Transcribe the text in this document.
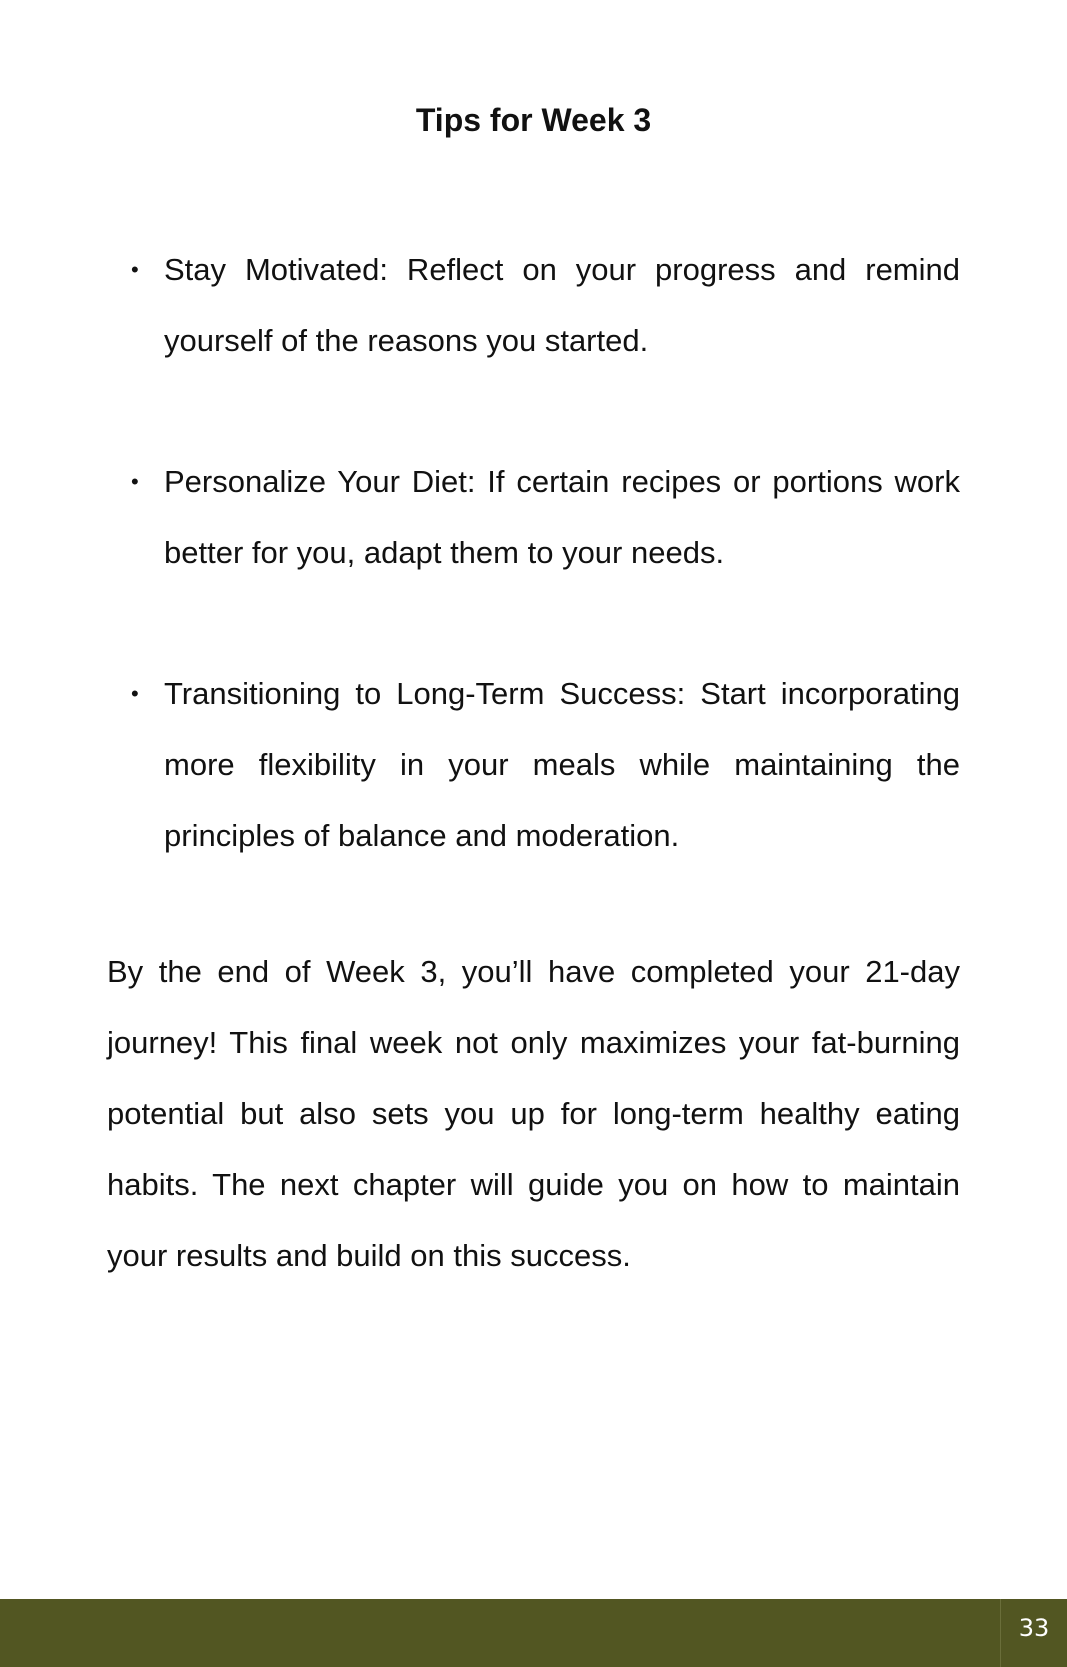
Tips for Week 3
• Stay Motivated: Reflect on your progress and remind yourself of the reasons you started.
• Personalize Your Diet: If certain recipes or portions work better for you, adapt them to your needs.
• Transitioning to Long-Term Success: Start incorporating more flexibility in your meals while maintaining the principles of balance and moderation.

By the end of Week 3, you’ll have completed your 21-day journey! This final week not only maximizes your fat-burning potential but also sets you up for long-term healthy eating habits. The next chapter will guide you on how to maintain your results and build on this success.

33
